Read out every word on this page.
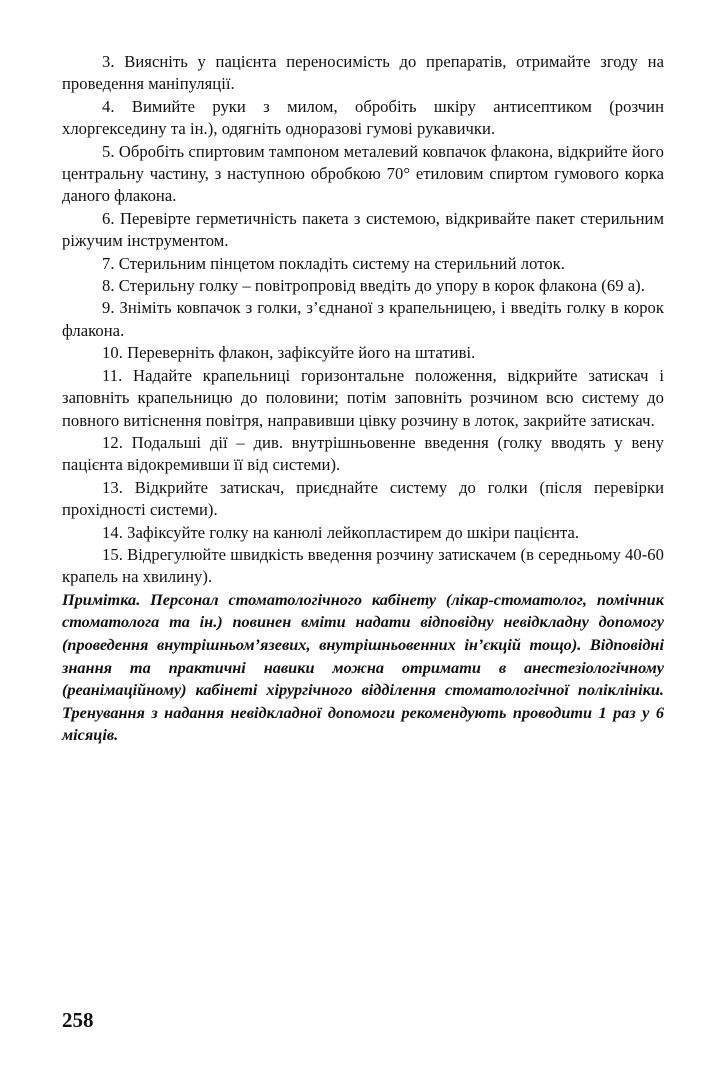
3. Виясніть у пацієнта переносимість до препаратів, отримайте згоду на проведення маніпуляції.

4. Вимийте руки з милом, обробіть шкіру антисептиком (розчин хлоргекседину та ін.), одягніть одноразові гумові рукавички.

5. Обробіть спиртовим тампоном металевий ковпачок флакона, відкрийте його центральну частину, з наступною обробкою 70° етиловим спиртом гумового корка даного флакона.

6. Перевірте герметичність пакета з системою, відкривайте пакет стерильним ріжучим інструментом.

7. Стерильним пінцетом покладіть систему на стерильний лоток.

8. Стерильну голку – повітропровід введіть до упору в корок флакона (69 а).

9. Зніміть ковпачок з голки, з’єднаної з крапельницею, і введіть голку в корок флакона.

10. Переверніть флакон, зафіксуйте його на штативі.

11. Надайте крапельниці горизонтальне положення, відкрийте затискач і заповніть крапельницю до половини; потім заповніть розчином всю систему до повного витіснення повітря, направивши цівку розчину в лоток, закрийте затискач.

12. Подальші дії – див. внутрішньовенне введення (голку вводять у вену пацієнта відокремивши її від системи).

13. Відкрийте затискач, приєднайте систему до голки (після перевірки прохідності системи).

14. Зафіксуйте голку на канюлі лейкопластирем до шкіри пацієнта.

15. Відрегулюйте швидкість введення розчину затискачем (в середньому 40-60 крапель на хвилину).

Примітка. Персонал стоматологічного кабінету (лікар-стоматолог, помічник стоматолога та ін.) повинен вміти надати відповідну невідкладну допомогу (проведення внутрішньом’язевих, внутрішньовенних ін’єкцій тощо). Відповідні знання та практичні навики можна отримати в анестезіологічному (реанімаційному) кабінеті хірургічного відділення стоматологічної поліклініки. Тренування з надання невідкладної допомоги рекомендують проводити 1 раз у 6 місяців.

258
